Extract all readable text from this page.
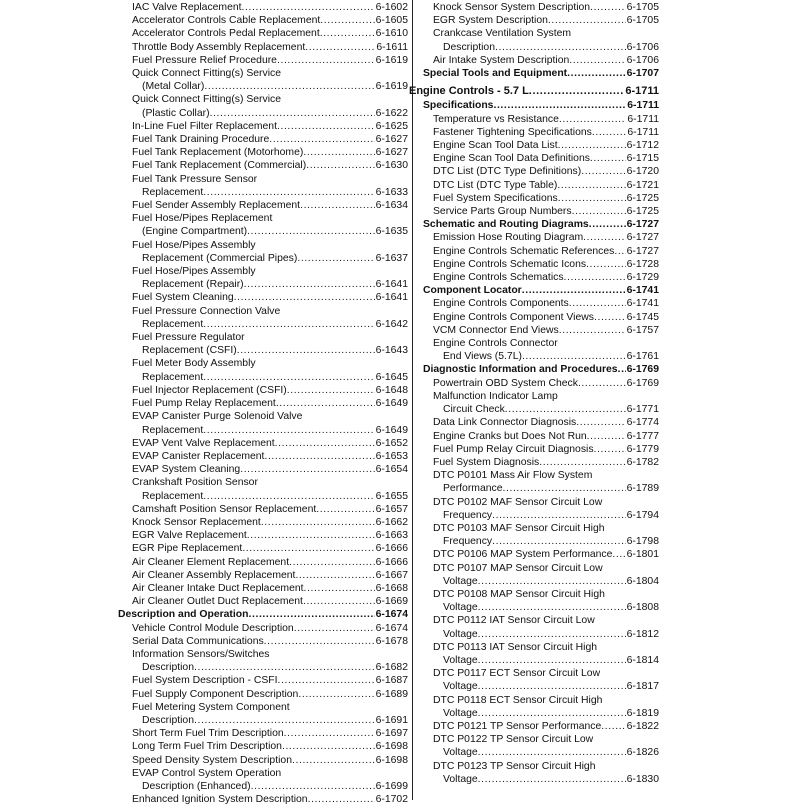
IAC Valve Replacement .....	6-1602
Accelerator Controls Cable Replacement .....	6-1605
Accelerator Controls Pedal Replacement .....	6-1610
Throttle Body Assembly Replacement .....	6-1611
Fuel Pressure Relief Procedure .....	6-1619
Quick Connect Fitting(s) Service
(Metal Collar) .....	6-1619
Quick Connect Fitting(s) Service
(Plastic Collar) .....	6-1622
In-Line Fuel Filter Replacement .....	6-1625
Fuel Tank Draining Procedure .....	6-1627
Fuel Tank Replacement (Motorhome) .....	6-1627
Fuel Tank Replacement (Commercial) .....	6-1630
Fuel Tank Pressure Sensor
Replacement .....	6-1633
Fuel Sender Assembly Replacement .....	6-1634
Fuel Hose/Pipes Replacement
(Engine Compartment) .....	6-1635
Fuel Hose/Pipes Assembly
Replacement (Commercial Pipes) .....	6-1637
Fuel Hose/Pipes Assembly
Replacement (Repair) .....	6-1641
Fuel System Cleaning .....	6-1641
Fuel Pressure Connection Valve
Replacement .....	6-1642
Fuel Pressure Regulator
Replacement (CSFI) .....	6-1643
Fuel Meter Body Assembly
Replacement .....	6-1645
Fuel Injector Replacement (CSFI) .....	6-1648
Fuel Pump Relay Replacement .....	6-1649
EVAP Canister Purge Solenoid Valve
Replacement .....	6-1649
EVAP Vent Valve Replacement .....	6-1652
EVAP Canister Replacement .....	6-1653
EVAP System Cleaning .....	6-1654
Crankshaft Position Sensor
Replacement .....	6-1655
Camshaft Position Sensor Replacement .....	6-1657
Knock Sensor Replacement .....	6-1662
EGR Valve Replacement .....	6-1663
EGR Pipe Replacement .....	6-1666
Air Cleaner Element Replacement .....	6-1666
Air Cleaner Assembly Replacement .....	6-1667
Air Cleaner Intake Duct Replacement .....	6-1668
Air Cleaner Outlet Duct Replacement .....	6-1669
Description and Operation .....	6-1674
Vehicle Control Module Description .....	6-1674
Serial Data Communications .....	6-1678
Information Sensors/Switches
Description .....	6-1682
Fuel System Description - CSFI .....	6-1687
Fuel Supply Component Description .....	6-1689
Fuel Metering System Component
Description .....	6-1691
Short Term Fuel Trim Description .....	6-1697
Long Term Fuel Trim Description .....	6-1698
Speed Density System Description .....	6-1698
EVAP Control System Operation
Description (Enhanced) .....	6-1699
Enhanced Ignition System Description .....	6-1702
Knock Sensor System Description .....	6-1705
EGR System Description .....	6-1705
Crankcase Ventilation System
Description .....	6-1706
Air Intake System Description .....	6-1706
Special Tools and Equipment .....	6-1707
Engine Controls - 5.7 L .....	6-1711
Specifications .....	6-1711
Temperature vs Resistance .....	6-1711
Fastener Tightening Specifications .....	6-1711
Engine Scan Tool Data List .....	6-1712
Engine Scan Tool Data Definitions .....	6-1715
DTC List (DTC Type Definitions) .....	6-1720
DTC List (DTC Type Table) .....	6-1721
Fuel System Specifications .....	6-1725
Service Parts Group Numbers .....	6-1725
Schematic and Routing Diagrams .....	6-1727
Emission Hose Routing Diagram .....	6-1727
Engine Controls Schematic References ..... 6-1727
Engine Controls Schematic Icons .....	6-1728
Engine Controls Schematics .....	6-1729
Component Locator .....	6-1741
Engine Controls Components .....	6-1741
Engine Controls Component Views .....	6-1745
VCM Connector End Views .....	6-1757
Engine Controls Connector
End Views (5.7L) .....	6-1761
Diagnostic Information and Procedures ..... 6-1769
Powertrain OBD System Check .....	6-1769
Malfunction Indicator Lamp
Circuit Check .....	6-1771
Data Link Connector Diagnosis .....	6-1774
Engine Cranks but Does Not Run .....	6-1777
Fuel Pump Relay Circuit Diagnosis .....	6-1779
Fuel System Diagnosis .....	6-1782
DTC P0101 Mass Air Flow System
Performance .....	6-1789
DTC P0102 MAF Sensor Circuit Low
Frequency .....	6-1794
DTC P0103 MAF Sensor Circuit High
Frequency .....	6-1798
DTC P0106 MAP System Performance ..... 6-1801
DTC P0107 MAP Sensor Circuit Low
Voltage .....	6-1804
DTC P0108 MAP Sensor Circuit High
Voltage .....	6-1808
DTC P0112 IAT Sensor Circuit Low
Voltage .....	6-1812
DTC P0113 IAT Sensor Circuit High
Voltage .....	6-1814
DTC P0117 ECT Sensor Circuit Low
Voltage .....	6-1817
DTC P0118 ECT Sensor Circuit High
Voltage .....	6-1819
DTC P0121 TP Sensor Performance ..... 6-1822
DTC P0122 TP Sensor Circuit Low
Voltage .....	6-1826
DTC P0123 TP Sensor Circuit High
Voltage .....	6-1830
